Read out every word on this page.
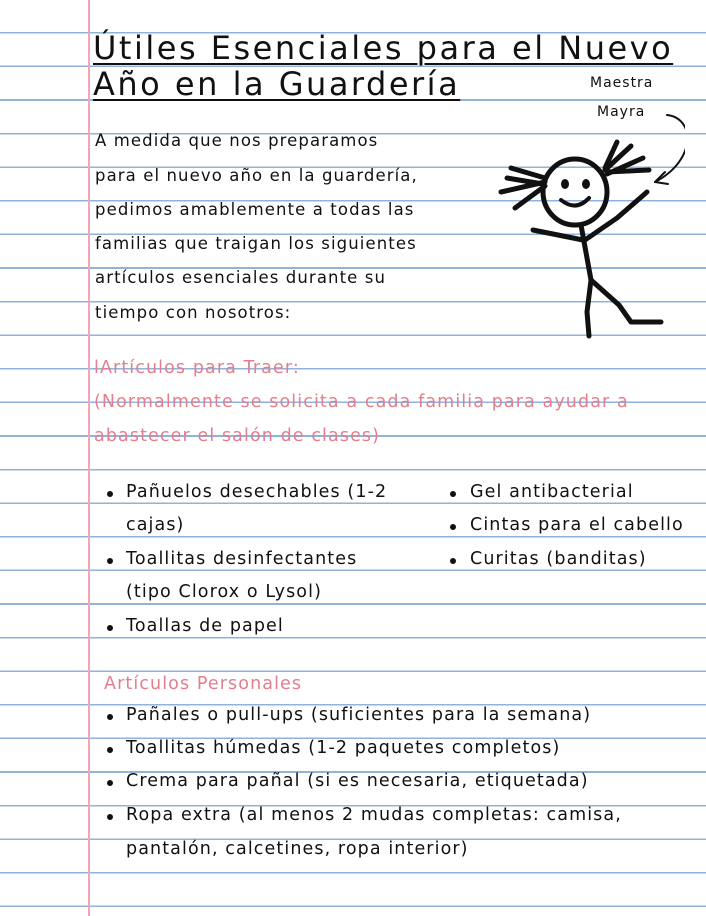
Útiles Esenciales para el Nuevo
Año en la Guardería	Maestra
Mayra
A medida que nos preparamos
para el nuevo año en la guardería,
pedimos amablemente a todas las
familias que traigan los siguientes
artículos esenciales durante su
tiempo con nosotros:
lArtículos para Traer:
(Normalmente se solicita a cada familia para ayudar a
abastecer el salón de clases)
Pañuelos desechables (1-2
cajas)
Toallitas desinfectantes
(tipo Clorox o Lysol)
Toallas de papel
Gel antibacterial
Cintas para el cabello
Curitas (banditas)
Artículos Personales
Pañales o pull-ups (suficientes para la semana)
Toallitas húmedas (1-2 paquetes completos)
Crema para pañal (si es necesaria, etiquetada)
Ropa extra (al menos 2 mudas completas: camisa,
pantalón, calcetines, ropa interior)
